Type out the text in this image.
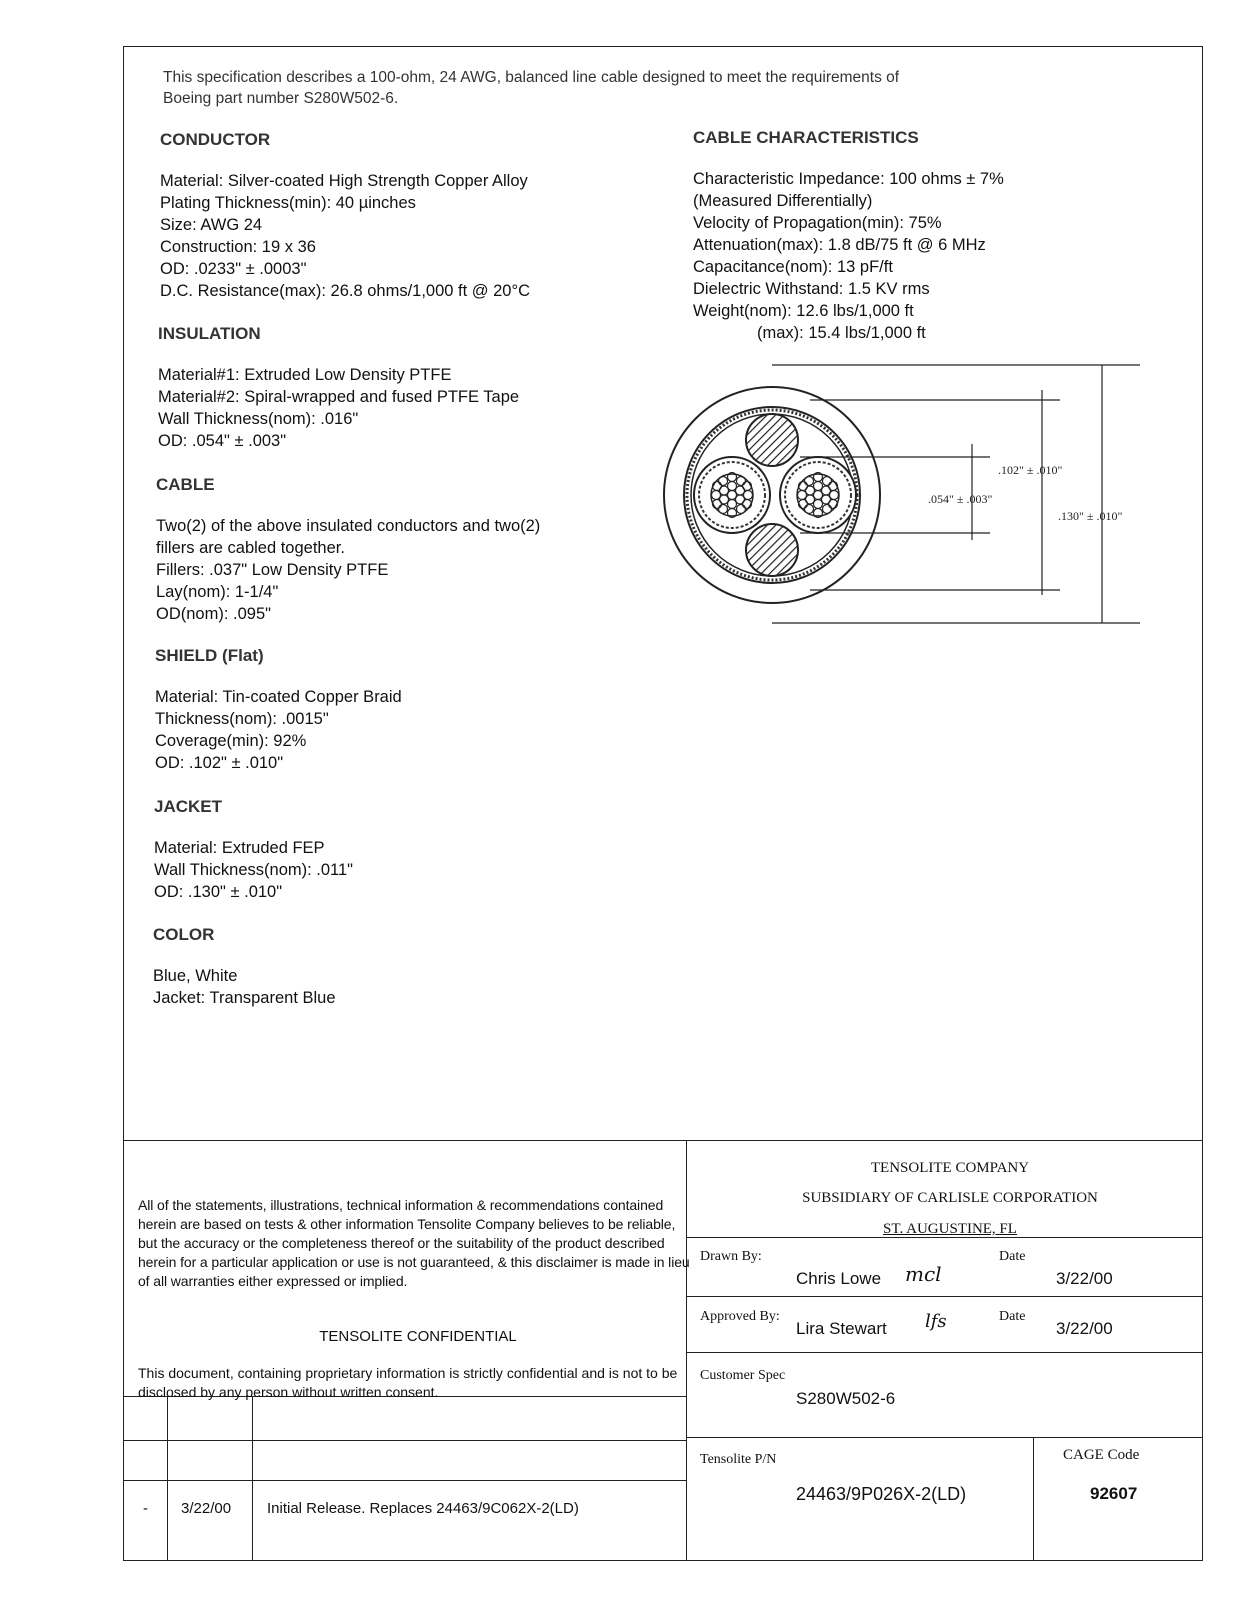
This specification describes a 100-ohm, 24 AWG, balanced line cable designed to meet the requirements of
Boeing part number S280W502-6.
CONDUCTOR
Material: Silver-coated High Strength Copper Alloy
Plating Thickness(min): 40 µinches
Size: AWG 24
Construction: 19 x 36
OD: .0233" ± .0003"
D.C. Resistance(max): 26.8 ohms/1,000 ft @ 20°C
INSULATION
Material#1: Extruded Low Density PTFE
Material#2: Spiral-wrapped and fused PTFE Tape
Wall Thickness(nom): .016"
OD: .054" ± .003"
CABLE
Two(2) of the above insulated conductors and two(2)
fillers are cabled together.
Fillers: .037" Low Density PTFE
Lay(nom): 1-1/4"
OD(nom): .095"
SHIELD (Flat)
Material: Tin-coated Copper Braid
Thickness(nom): .0015"
Coverage(min): 92%
OD: .102" ± .010"
JACKET
Material: Extruded FEP
Wall Thickness(nom): .011"
OD: .130" ± .010"
COLOR
Blue, White
Jacket: Transparent Blue
CABLE CHARACTERISTICS
Characteristic Impedance: 100 ohms ± 7%
(Measured Differentially)
Velocity of Propagation(min): 75%
Attenuation(max): 1.8 dB/75 ft @ 6 MHz
Capacitance(nom): 13 pF/ft
Dielectric Withstand: 1.5 KV rms
Weight(nom): 12.6 lbs/1,000 ft
(max): 15.4 lbs/1,000 ft
.054" ± .003"
.102" ± .010"
.130" ± .010"
All of the statements, illustrations, technical information & recommendations contained herein are based on tests & other information Tensolite Company believes to be reliable, but the accuracy or the completeness thereof or the suitability of the product described herein for a particular application or use is not guaranteed, & this disclaimer is made in lieu of all warranties either expressed or implied.
TENSOLITE CONFIDENTIAL
This document, containing proprietary information is strictly confidential and is not to be disclosed by any person without written consent.
TENSOLITE COMPANY
SUBSIDIARY OF CARLISLE CORPORATION
ST. AUGUSTINE, FL
Drawn By:
Chris Lowe mcl
Date
3/22/00
Approved By:
Lira Stewart lfs	Date
3/22/00
Customer Spec
S280W502-6
Tensolite P/N
24463/9P026X-2(LD)
CAGE Code
92607
- 3/22/00 Initial Release. Replaces 24463/9C062X-2(LD)
